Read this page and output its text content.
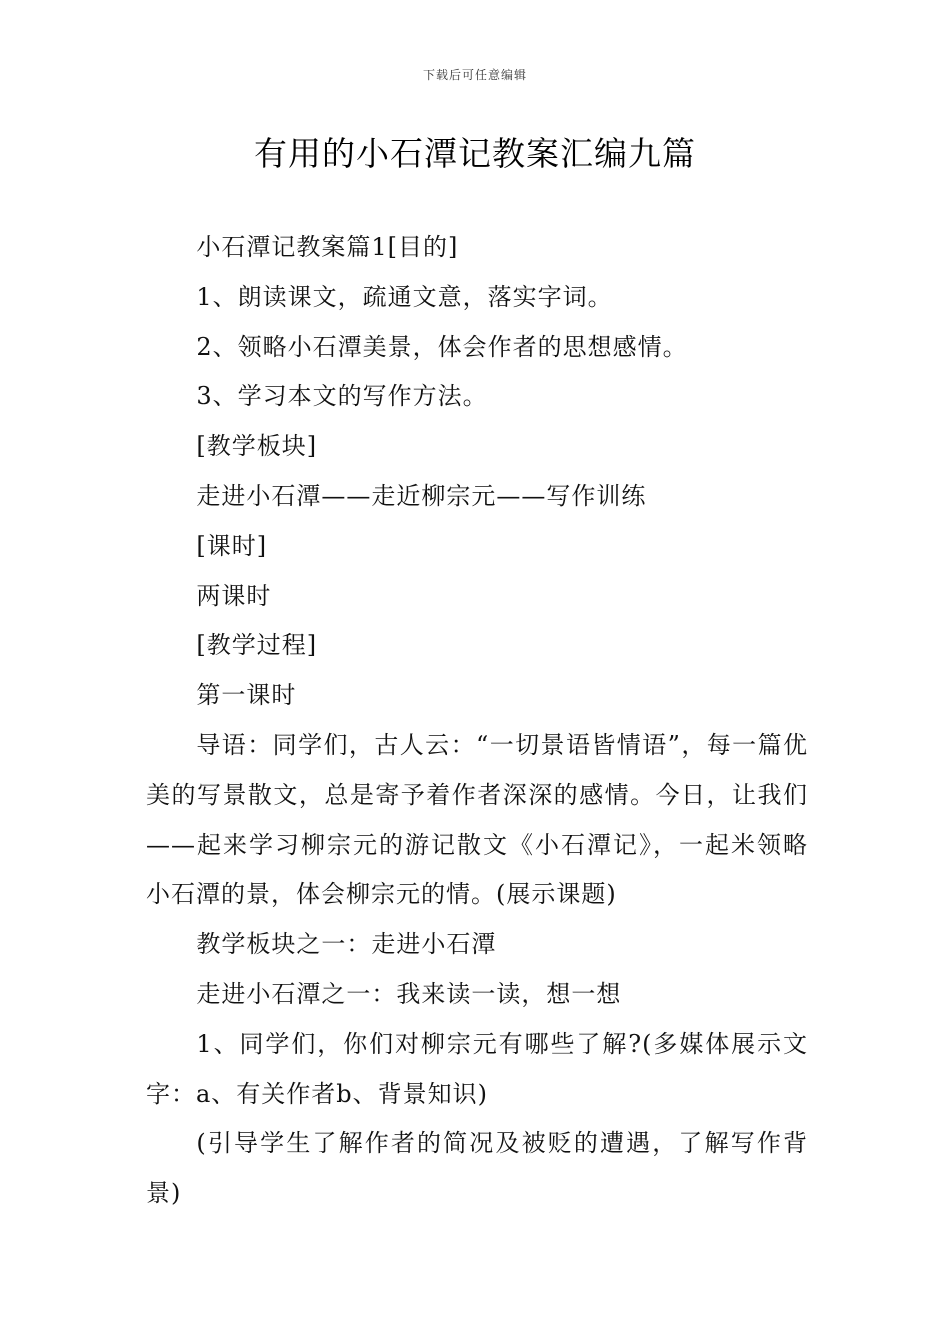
下载后可任意编辑
有用的小石潭记教案汇编九篇

小石潭记教案篇1[目的]

1、朗读课文，疏通文意，落实字词。

2、领略小石潭美景，体会作者的思想感情。

3、学习本文的写作方法。

[教学板块]

走进小石潭——走近柳宗元——写作训练

[课时]

两课时

[教学过程]

第一课时

导语：同学们，古人云：“一切景语皆情语”，每一篇优美的写景散文，总是寄予着作者深深的感情。今日，让我们——起来学习柳宗元的游记散文《小石潭记》，一起米领略小石潭的景，体会柳宗元的情。(展示课题)

教学板块之一：走进小石潭

走进小石潭之一：我来读一读，想一想

1、同学们，你们对柳宗元有哪些了解?(多媒体展示文字：a、有关作者b、背景知识)

(引导学生了解作者的简况及被贬的遭遇，了解写作背景)
